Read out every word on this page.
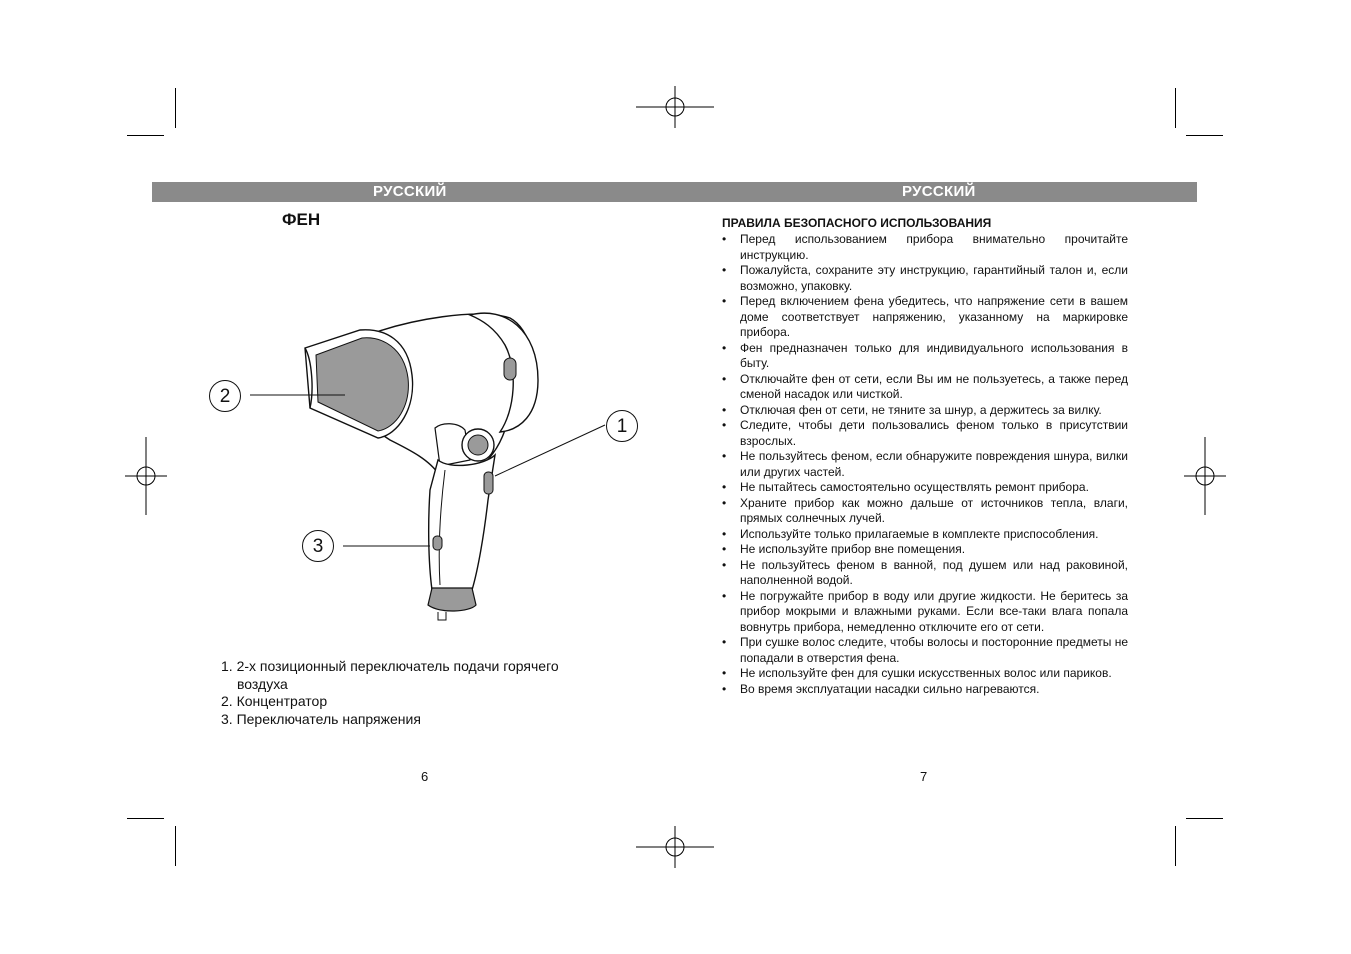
РУССКИЙ	РУССКИЙ
ФЕН
2
1
3
1. 2-х позиционный переключатель подачи горячего
воздуха
2. Концентратор
3. Переключатель напряжения
6
ПРАВИЛА БЕЗОПАСНОГО ИСПОЛЬЗОВАНИЯ
• Перед использованием прибора внимательно прочитайте инструкцию.
• Пожалуйста, сохраните эту инструкцию, гарантийный талон и, если возможно, упаковку.
• Перед включением фена убедитесь, что напряжение сети в вашем доме соответствует напряжению, указанному на маркировке прибора.
• Фен предназначен только для индивидуального использования в быту.
• Отключайте фен от сети, если Вы им не пользуетесь, а также перед сменой насадок или чисткой.
• Отключая фен от сети, не тяните за шнур, а держитесь за вилку.
• Следите, чтобы дети пользовались феном только в присутствии взрослых.
• Не пользуйтесь феном, если обнаружите повреждения шнура, вилки или других частей.
• Не пытайтесь самостоятельно осуществлять ремонт прибора.
• Храните прибор как можно дальше от источников тепла, влаги, прямых солнечных лучей.
• Используйте только прилагаемые в комплекте приспособления.
• Не используйте прибор вне помещения.
• Не пользуйтесь феном в ванной, под душем или над раковиной, наполненной водой.
• Не погружайте прибор в воду или другие жидкости. Не беритесь за прибор мокрыми и влажными руками. Если все-таки влага попала вовнутрь прибора, немедленно отключите его от сети.
• При сушке волос следите, чтобы волосы и посторонние предметы не попадали в отверстия фена.
• Не используйте фен для сушки искусственных волос или париков.
• Во время эксплуатации насадки сильно нагреваются.
7
